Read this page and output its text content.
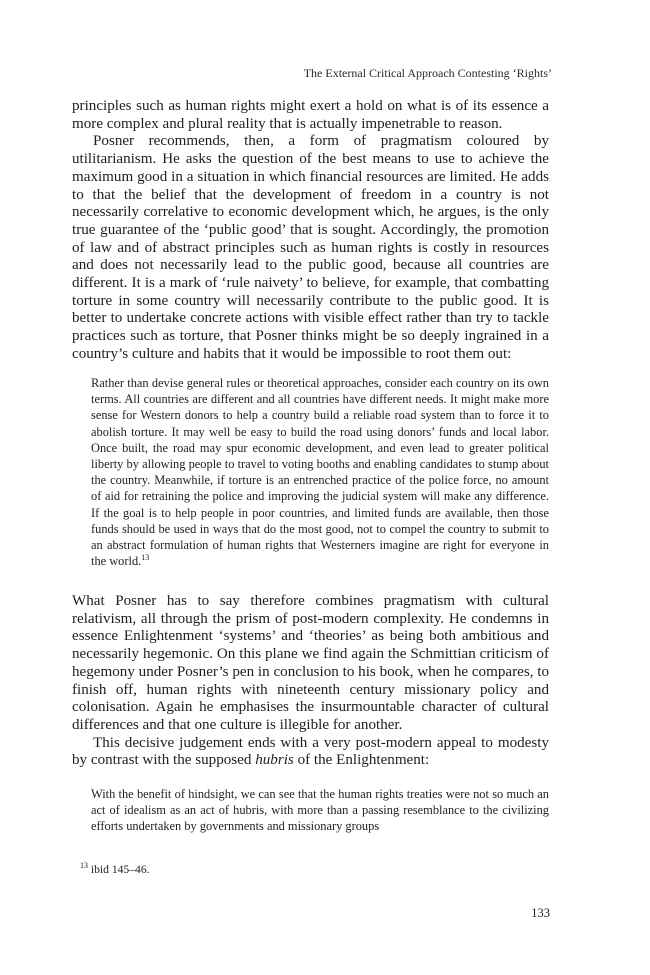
The External Critical Approach Contesting ‘Rights’

principles such as human rights might exert a hold on what is of its essence a more complex and plural reality that is actually impenetrable to reason.

Posner recommends, then, a form of pragmatism coloured by utilitarianism. He asks the question of the best means to use to achieve the maximum good in a situation in which financial resources are limited. He adds to that the belief that the development of freedom in a country is not necessarily correlative to economic development which, he argues, is the only true guarantee of the ‘public good’ that is sought. Accordingly, the promotion of law and of abstract principles such as human rights is costly in resources and does not necessarily lead to the public good, because all countries are different. It is a mark of ‘rule naivety’ to believe, for example, that combatting torture in some country will necessarily contribute to the public good. It is better to undertake concrete actions with visible effect rather than try to tackle practices such as torture, that Posner thinks might be so deeply ingrained in a country’s culture and habits that it would be impossible to root them out:

Rather than devise general rules or theoretical approaches, consider each country on its own terms. All countries are different and all countries have different needs. It might make more sense for Western donors to help a country build a reliable road system than to force it to abolish torture. It may well be easy to build the road using donors’ funds and local labor. Once built, the road may spur economic development, and even lead to greater political liberty by allowing people to travel to voting booths and enabling candidates to stump about the country. Meanwhile, if torture is an entrenched practice of the police force, no amount of aid for retraining the police and improving the judicial system will make any difference. If the goal is to help people in poor countries, and limited funds are available, then those funds should be used in ways that do the most good, not to compel the country to submit to an abstract formulation of human rights that Westerners imagine are right for everyone in the world.$^{13}$

What Posner has to say therefore combines pragmatism with cultural relativism, all through the prism of post-modern complexity. He condemns in essence Enlightenment ‘systems’ and ‘theories’ as being both ambitious and necessarily hegemonic. On this plane we find again the Schmittian criticism of hegemony under Posner’s pen in conclusion to his book, when he compares, to finish off, human rights with nineteenth century missionary policy and colonisation. Again he emphasises the insurmountable character of cultural differences and that one culture is illegible for another.

This decisive judgement ends with a very post-modern appeal to modesty by contrast with the supposed hubris of the Enlightenment:

With the benefit of hindsight, we can see that the human rights treaties were not so much an act of idealism as an act of hubris, with more than a passing resemblance to the civilizing efforts undertaken by governments and missionary groups
$^{13}$ ibid 145–46.
133
